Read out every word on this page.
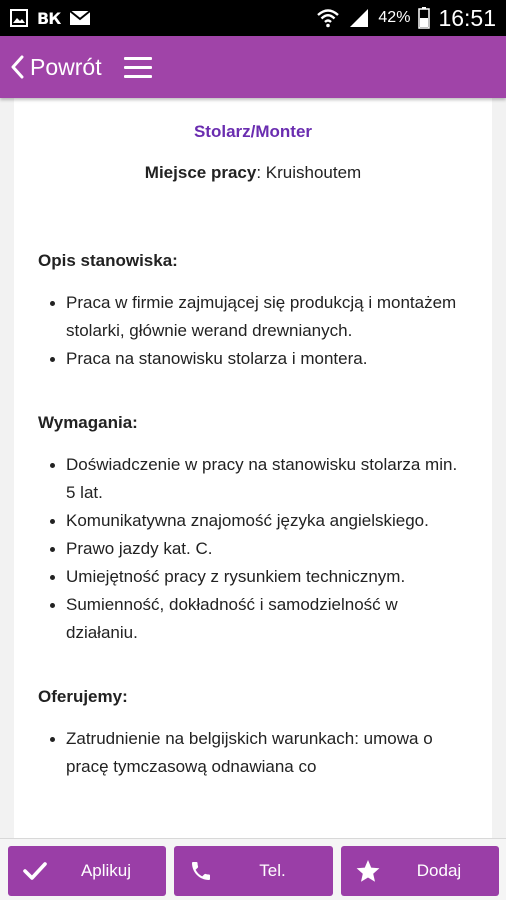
ВК	42% 16:51
Powrót
Stolarz/Monter
Miejsce pracy: Kruishoutem
Opis stanowiska:
Praca w firmie zajmującej się produkcją i montażem stolarki, głównie werand drewnianych.
Praca na stanowisku stolarza i montera.
Wymagania:
Doświadczenie w pracy na stanowisku stolarza min. 5 lat.
Komunikatywna znajomość języka angielskiego.
Prawo jazdy kat. C.
Umiejętność pracy z rysunkiem technicznym.
Sumienność, dokładność i samodzielność w działaniu.
Oferujemy:
Zatrudnienie na belgijskich warunkach: umowa o pracę tymczasową odnawiana co
Aplikuj	Tel.	Dodaj
